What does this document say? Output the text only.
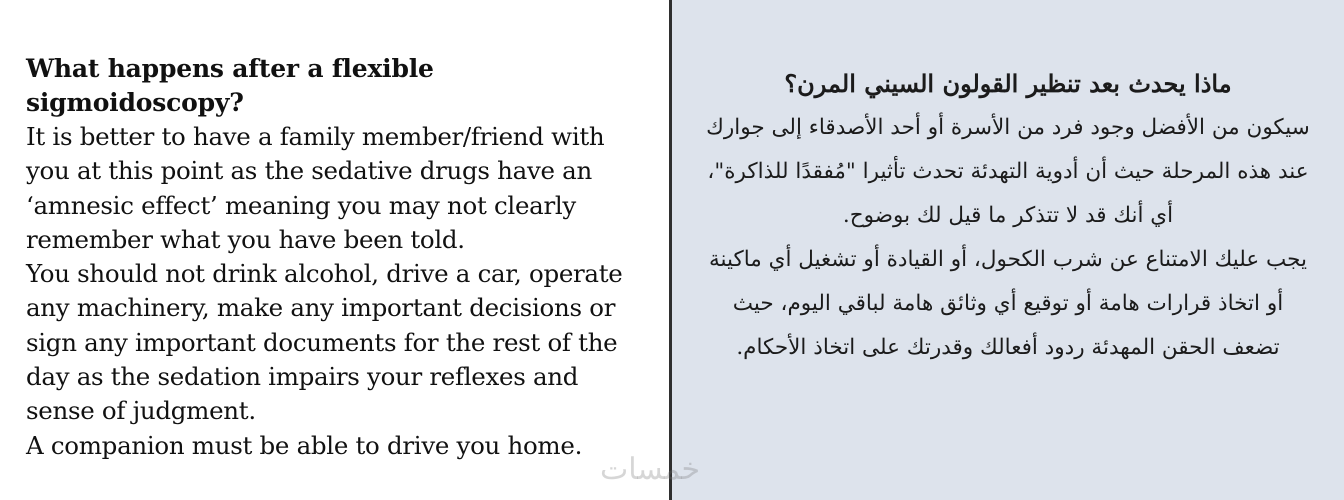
What happens after a flexible sigmoidoscopy?

It is better to have a family member/friend with you at this point as the sedative drugs have an ‘amnesic effect’ meaning you may not clearly remember what you have been told.

You should not drink alcohol, drive a car, operate any machinery, make any important decisions or sign any important documents for the rest of the day as the sedation impairs your reflexes and sense of judgment.

A companion must be able to drive you home.

ماذا يحدث بعد تنظير القولون السيني المرن؟

سيكون من الأفضل وجود فرد من الأسرة أو أحد الأصدقاء إلى جوارك عند هذه المرحلة حيث أن أدوية التهدئة تحدث تأثيرا "مُفقدًا للذاكرة"، أي أنك قد لا تتذكر ما قيل لك بوضوح.

يجب عليك الامتناع عن شرب الكحول، أو القيادة أو تشغيل أي ماكينة أو اتخاذ قرارات هامة أو توقيع أي وثائق هامة لباقي اليوم، حيث تضعف الحقن المهدئة ردود أفعالك وقدرتك على اتخاذ الأحكام.

خمسات
